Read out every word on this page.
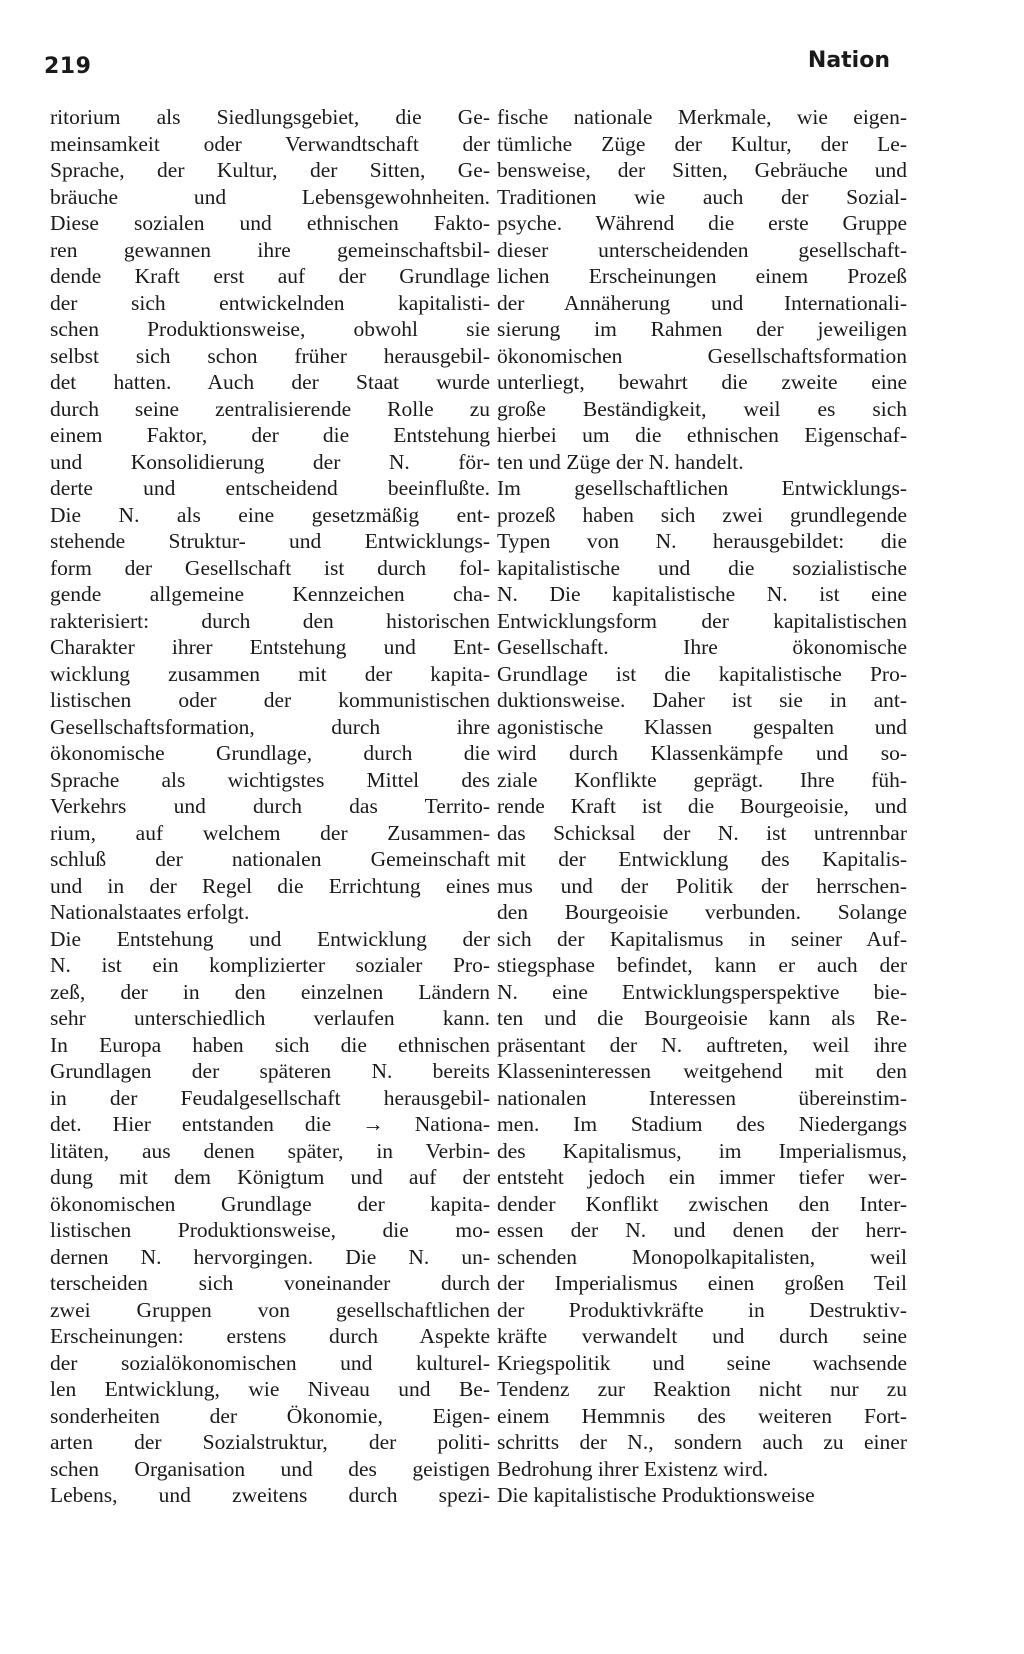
219	Nation
ritorium als Siedlungsgebiet, die Ge-
meinsamkeit oder Verwandtschaft der
Sprache, der Kultur, der Sitten, Ge-
bräuche und Lebensgewohnheiten.
Diese sozialen und ethnischen Fakto-
ren gewannen ihre gemeinschaftsbil-
dende Kraft erst auf der Grundlage
der sich entwickelnden kapitalisti-
schen Produktionsweise, obwohl sie
selbst sich schon früher herausgebil-
det hatten. Auch der Staat wurde
durch seine zentralisierende Rolle zu
einem Faktor, der die Entstehung
und Konsolidierung der N. för-
derte und entscheidend beeinflußte.
Die N. als eine gesetzmäßig ent-
stehende Struktur- und Entwicklungs-
form der Gesellschaft ist durch fol-
gende allgemeine Kennzeichen cha-
rakterisiert: durch den historischen
Charakter ihrer Entstehung und Ent-
wicklung zusammen mit der kapita-
listischen oder der kommunistischen
Gesellschaftsformation, durch ihre
ökonomische Grundlage, durch die
Sprache als wichtigstes Mittel des
Verkehrs und durch das Territo-
rium, auf welchem der Zusammen-
schluß der nationalen Gemeinschaft
und in der Regel die Errichtung eines
Nationalstaates erfolgt.
Die Entstehung und Entwicklung der
N. ist ein komplizierter sozialer Pro-
zeß, der in den einzelnen Ländern
sehr unterschiedlich verlaufen kann.
In Europa haben sich die ethnischen
Grundlagen der späteren N. bereits
in der Feudalgesellschaft herausgebil-
det. Hier entstanden die → Nationa-
litäten, aus denen später, in Verbin-
dung mit dem Königtum und auf der
ökonomischen Grundlage der kapita-
listischen Produktionsweise, die mo-
dernen N. hervorgingen. Die N. un-
terscheiden sich voneinander durch
zwei Gruppen von gesellschaftlichen
Erscheinungen: erstens durch Aspekte
der sozialökonomischen und kulturel-
len Entwicklung, wie Niveau und Be-
sonderheiten der Ökonomie, Eigen-
arten der Sozialstruktur, der politi-
schen Organisation und des geistigen
Lebens, und zweitens durch spezi-
fische nationale Merkmale, wie eigen-
tümliche Züge der Kultur, der Le-
bensweise, der Sitten, Gebräuche und
Traditionen wie auch der Sozial-
psyche. Während die erste Gruppe
dieser unterscheidenden gesellschaft-
lichen Erscheinungen einem Prozeß
der Annäherung und Internationali-
sierung im Rahmen der jeweiligen
ökonomischen Gesellschaftsformation
unterliegt, bewahrt die zweite eine
große Beständigkeit, weil es sich
hierbei um die ethnischen Eigenschaf-
ten und Züge der N. handelt.
Im gesellschaftlichen Entwicklungs-
prozeß haben sich zwei grundlegende
Typen von N. herausgebildet: die
kapitalistische und die sozialistische
N. Die kapitalistische N. ist eine
Entwicklungsform der kapitalistischen
Gesellschaft. Ihre ökonomische
Grundlage ist die kapitalistische Pro-
duktionsweise. Daher ist sie in ant-
agonistische Klassen gespalten und
wird durch Klassenkämpfe und so-
ziale Konflikte geprägt. Ihre füh-
rende Kraft ist die Bourgeoisie, und
das Schicksal der N. ist untrennbar
mit der Entwicklung des Kapitalis-
mus und der Politik der herrschen-
den Bourgeoisie verbunden. Solange
sich der Kapitalismus in seiner Auf-
stiegsphase befindet, kann er auch der
N. eine Entwicklungsperspektive bie-
ten und die Bourgeoisie kann als Re-
präsentant der N. auftreten, weil ihre
Klasseninteressen weitgehend mit den
nationalen Interessen übereinstim-
men. Im Stadium des Niedergangs
des Kapitalismus, im Imperialismus,
entsteht jedoch ein immer tiefer wer-
dender Konflikt zwischen den Inter-
essen der N. und denen der herr-
schenden Monopolkapitalisten, weil
der Imperialismus einen großen Teil
der Produktivkräfte in Destruktiv-
kräfte verwandelt und durch seine
Kriegspolitik und seine wachsende
Tendenz zur Reaktion nicht nur zu
einem Hemmnis des weiteren Fort-
schritts der N., sondern auch zu einer
Bedrohung ihrer Existenz wird.
Die kapitalistische Produktionsweise
